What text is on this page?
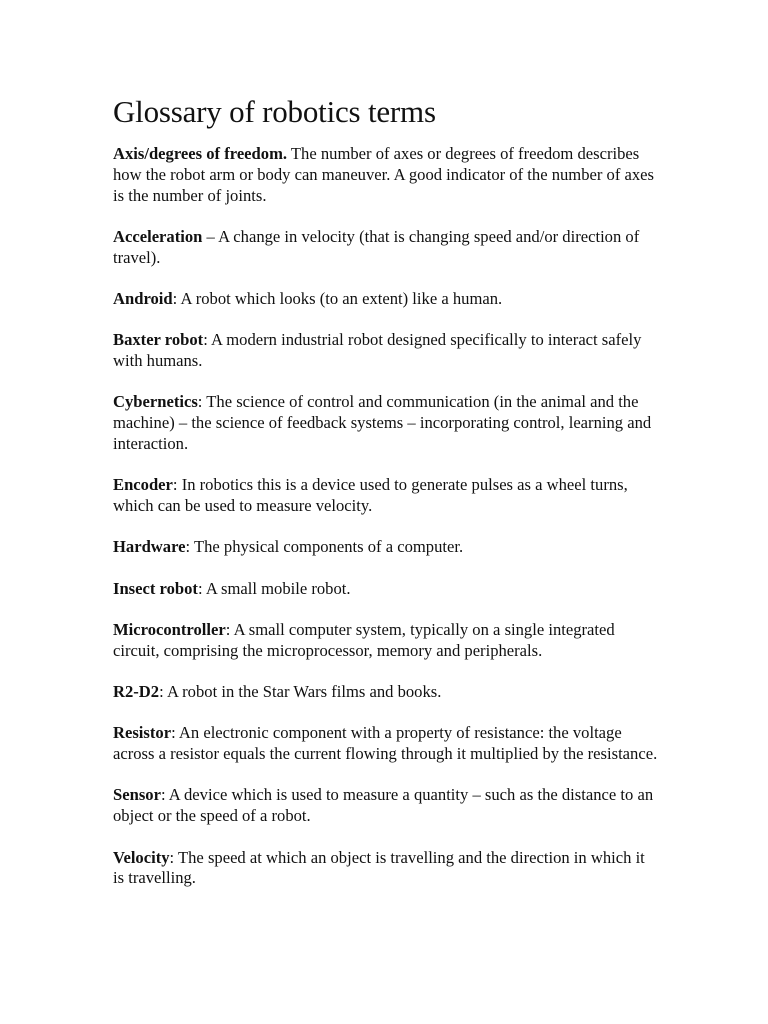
Glossary of robotics terms

Axis/degrees of freedom. The number of axes or degrees of freedom describes how the robot arm or body can maneuver. A good indicator of the number of axes is the number of joints.

Acceleration – A change in velocity (that is changing speed and/or direction of travel).

Android: A robot which looks (to an extent) like a human.

Baxter robot: A modern industrial robot designed specifically to interact safely with humans.

Cybernetics: The science of control and communication (in the animal and the machine) – the science of feedback systems – incorporating control, learning and interaction.

Encoder: In robotics this is a device used to generate pulses as a wheel turns, which can be used to measure velocity.

Hardware: The physical components of a computer.

Insect robot: A small mobile robot.

Microcontroller: A small computer system, typically on a single integrated circuit, comprising the microprocessor, memory and peripherals.

R2-D2: A robot in the Star Wars films and books.

Resistor: An electronic component with a property of resistance: the voltage across a resistor equals the current flowing through it multiplied by the resistance.

Sensor: A device which is used to measure a quantity – such as the distance to an object or the speed of a robot.

Velocity: The speed at which an object is travelling and the direction in which it is travelling.
